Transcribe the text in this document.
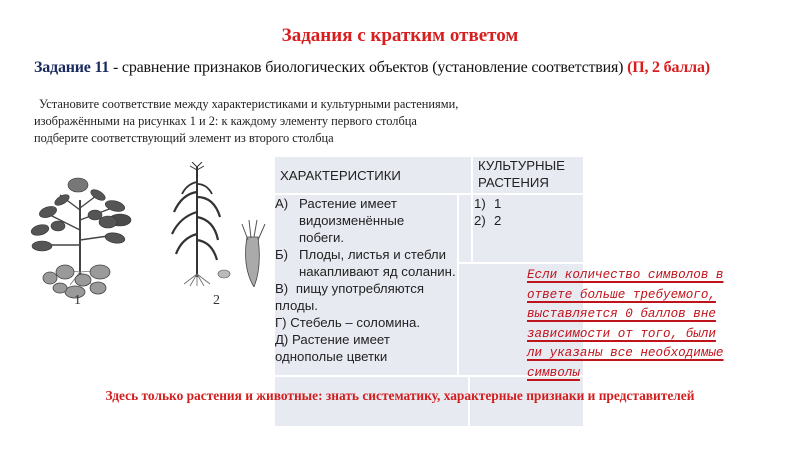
Задания с кратким ответом
Задание 11 - сравнение признаков биологических объектов (установление соответствия) (П, 2 балла)
Установите соответствие между характеристиками и культурными растениями,
изображёнными на рисунках 1 и 2: к каждому элементу первого столбца
подберите соответствующий элемент из второго столбца
1	2
ХАРАКТЕРИСТИКИ
КУЛЬТУРНЫЕ РАСТЕНИЯ
А) Растение имеет видоизменённые побеги.
Б) Плоды, листья и стебли накапливают яд соланин.
В) пищу употребляются плоды.
Г) Стебель – соломина.
Д) Растение имеет однополые цветки
1) 1
2) 2
Если количество символов в
ответе больше требуемого,
выставляется 0 баллов вне
зависимости от того, были
ли указаны все необходимые
символы
Здесь только растения и животные: знать систематику, характерные признаки и представителей
